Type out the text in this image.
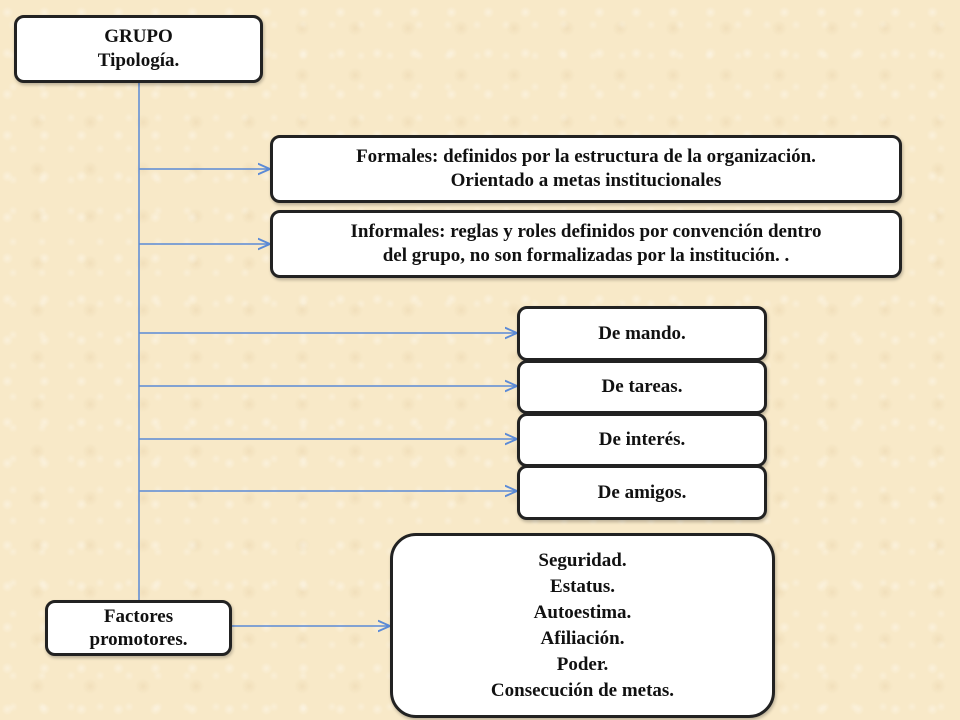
GRUPO
Tipología.
Formales: definidos por la estructura de la organización.
Orientado a metas institucionales
Informales: reglas y roles definidos por convención dentro
del grupo, no son formalizadas por la institución. .
De mando.
De tareas.
De interés.
De amigos.
Factores
promotores.
Seguridad.
Estatus.
Autoestima.
Afiliación.
Poder.
Consecución de metas.
